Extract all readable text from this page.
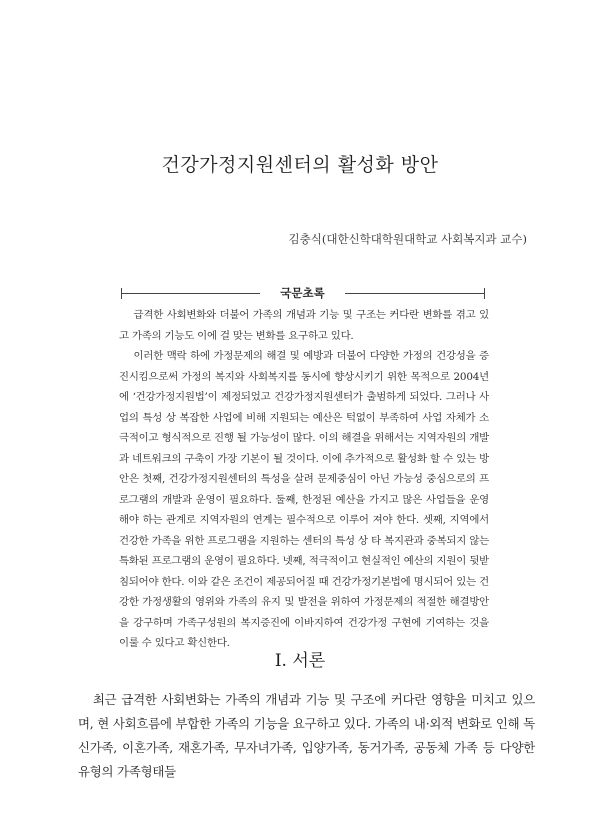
건강가정지원센터의 활성화 방안
김충식(대한신학대학원대학교 사회복지과 교수)
국문초록

급격한 사회변화와 더불어 가족의 개념과 기능 및 구조는 커다란 변화를 겪고 있고 가족의 기능도 이에 걸 맞는 변화를 요구하고 있다.

이러한 맥락 하에 가정문제의 해결 및 예방과 더불어 다양한 가정의 건강성을 증진시킴으로써 가정의 복지와 사회복지를 동시에 향상시키기 위한 목적으로 2004년에 ‘건강가정지원법’이 제정되었고 건강가정지원센터가 출범하게 되었다. 그러나 사업의 특성 상 복잡한 사업에 비해 지원되는 예산은 턱없이 부족하여 사업 자체가 소극적이고 형식적으로 진행 될 가능성이 많다. 이의 해결을 위해서는 지역자원의 개발과 네트워크의 구축이 가장 기본이 될 것이다. 이에 추가적으로 활성화 할 수 있는 방안은 첫째, 건강가정지원센터의 특성을 살려 문제중심이 아닌 가능성 중심으로의 프로그램의 개발과 운영이 필요하다. 둘째, 한정된 예산을 가지고 많은 사업들을 운영해야 하는 관계로 지역자원의 연계는 필수적으로 이루어 져야 한다. 셋째, 지역에서 건강한 가족을 위한 프로그램을 지원하는 센터의 특성 상 타 복지관과 중복되지 않는 특화된 프로그램의 운영이 필요하다. 넷째, 적극적이고 현실적인 예산의 지원이 뒷받침되어야 한다. 이와 같은 조건이 제공되어질 때 건강가정기본법에 명시되어 있는 건강한 가정생활의 영위와 가족의 유지 및 발전을 위하여 가정문제의 적절한 해결방안을 강구하며 가족구성원의 복지증진에 이바지하여 건강가정 구현에 기여하는 것을 이룰 수 있다고 확신한다.

Ⅰ. 서론

최근 급격한 사회변화는 가족의 개념과 기능 및 구조에 커다란 영향을 미치고 있으며, 현 사회흐름에 부합한 가족의 기능을 요구하고 있다. 가족의 내·외적 변화로 인해 독신가족, 이혼가족, 재혼가족, 무자녀가족, 입양가족, 동거가족, 공동체 가족 등 다양한 유형의 가족형태들
